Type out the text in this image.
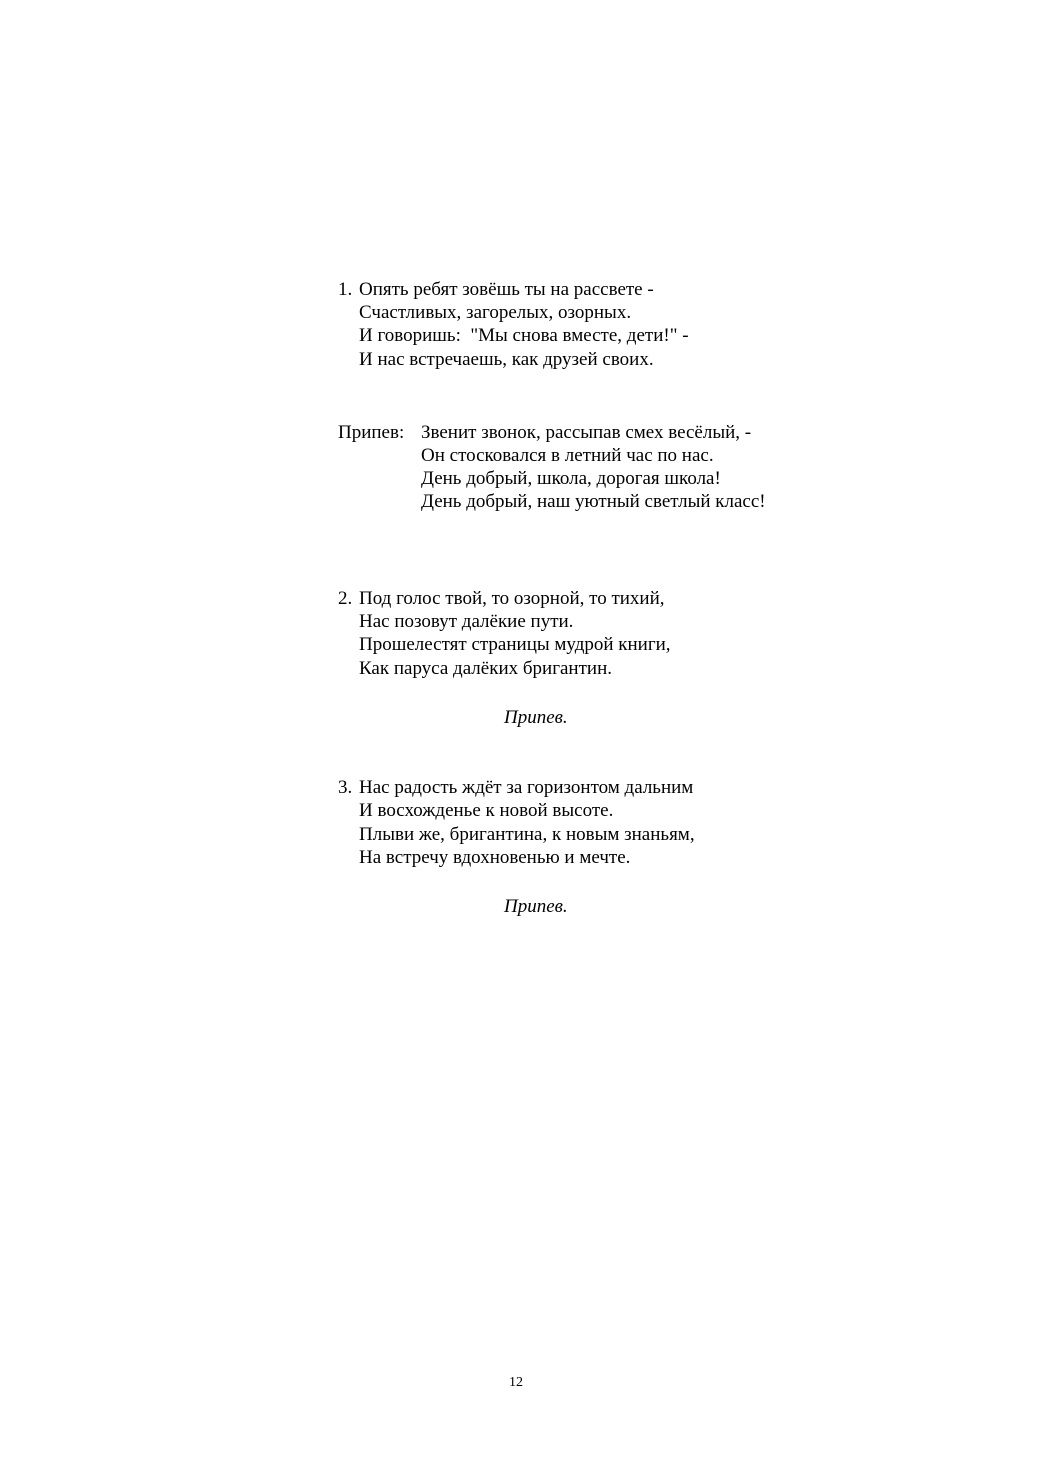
1. Опять ребят зовёшь ты на рассвете -
Счастливых, загорелых, озорных.
И говоришь:  "Мы снова вместе, дети!" -
И нас встречаешь, как друзей своих.
Припев: Звенит звонок, рассыпав смех весёлый, -
Он стосковался в летний час по нас.
День добрый, школа, дорогая школа!
День добрый, наш уютный светлый класс!
2. Под голос твой, то озорной, то тихий,
Нас позовут далёкие пути.
Прошелестят страницы мудрой книги,
Как паруса далёких бригантин.
Припев.
3. Нас радость ждёт за горизонтом дальним
И восхожденье к новой высоте.
Плыви же, бригантина, к новым знаньям,
На встречу вдохновенью и мечте.
Припев.
12
